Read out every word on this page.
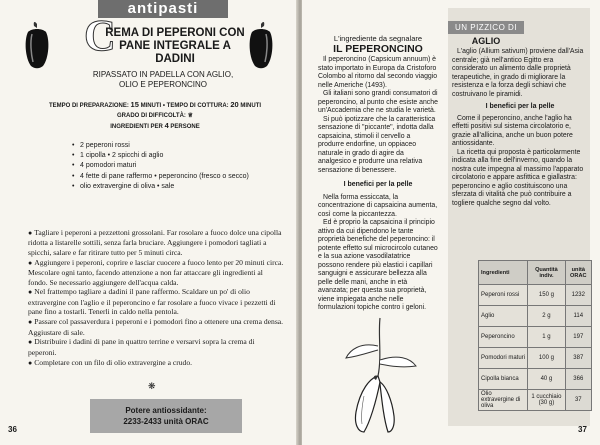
antipasti
C
REMA DI PEPERONI CON PANE INTEGRALE A DADINI
RIPASSATO IN PADELLA CON AGLIO, OLIO E PEPERONCINO
TEMPO DI PREPARAZIONE: 15 MINUTI • TEMPO DI COTTURA: 20 MINUTI
GRADO DI DIFFICOLTÀ: ♕
INGREDIENTI PER 4 PERSONE
• 2 peperoni rossi
• 1 cipolla • 2 spicchi di aglio
• 4 pomodori maturi
• 4 fette di pane raffermo • peperoncino (fresco o secco)
• olio extravergine di oliva • sale

● Tagliare i peperoni a pezzettoni grossolani. Far rosolare a fuoco dolce una cipolla ridotta a listarelle sottili, senza farla bruciare. Aggiungere i pomodori tagliati a spicchi, salare e far ritirare tutto per 5 minuti circa.

● Aggiungere i peperoni, coprire e lasciar cuocere a fuoco lento per 20 minuti circa. Mescolare ogni tanto, facendo attenzione a non far attaccare gli ingredienti al fondo. Se necessario aggiungere dell'acqua calda.

● Nel frattempo tagliare a dadini il pane raffermo. Scaldare un po' di olio extravergine con l'aglio e il peperoncino e far rosolare a fuoco vivace i pezzetti di pane fino a tostarli. Tenerli in caldo nella pentola.

● Passare col passaverdura i peperoni e i pomodori fino a ottenere una crema densa. Aggiustare di sale.

● Distribuire i dadini di pane in quattro terrine e versarvi sopra la crema di peperoni.

● Completare con un filo di olio extravergine a crudo.

❋
Potere antiossidante:
2233-2433 unità ORAC
36
L'ingrediente da segnalare
IL PEPERONCINO

Il peperoncino (Capsicum annuum) è stato importato in Europa da Cristoforo Colombo al ritorno dal secondo viaggio nelle Americhe (1493).

Gli italiani sono grandi consumatori di peperoncino, al punto che esiste anche un'Accademia che ne studia le varietà.

Si può ipotizzare che la caratteristica sensazione di "piccante", indotta dalla capsaicina, stimoli il cervello a produrre endorfine, un oppiaceo naturale in grado di agire da analgesico e produrre una relativa sensazione di benessere.

I benefici per la pelle

Nella forma essiccata, la concentrazione di capsaicina aumenta, così come la piccantezza.

Ed è proprio la capsaicina il principio attivo da cui dipendono le tante proprietà benefiche del peperoncino: il potente effetto sul microcircolo cutaneo e la sua azione vasodilatatrice possono rendere più elastici i capillari sanguigni e assicurare bellezza alla pelle delle mani, anche in età avanzata; per questa sua proprietà, viene impiegata anche nelle formulazioni topiche contro i geloni.

UN PIZZICO DI
AGLIO

L'aglio (Allium sativum) proviene dall'Asia centrale; già nell'antico Egitto era considerato un alimento dalle proprietà terapeutiche, in grado di migliorare la resistenza e la forza degli schiavi che costruivano le piramidi.

I benefici per la pelle

Come il peperoncino, anche l'aglio ha effetti positivi sul sistema circolatorio e, grazie all'allicina, anche un buon potere antiossidante.

La ricetta qui proposta è particolarmente indicata alla fine dell'inverno, quando la nostra cute impegna al massimo l'apparato circolatorio e appare asfittica e giallastra: peperoncino e aglio costituiscono una sferzata di vitalità che può contribuire a togliere qualche segno dal volto.

Ingredienti	Quantità indiv.	unità ORAC
Peperoni rossi	150 g	1232
Aglio	2 g	114
Peperoncino	1 g	197
Pomodori maturi	100 g	387
Cipolla bianca	40 g	366
Olio extravergine di oliva	1 cucchiaio (30 g)	37
37
